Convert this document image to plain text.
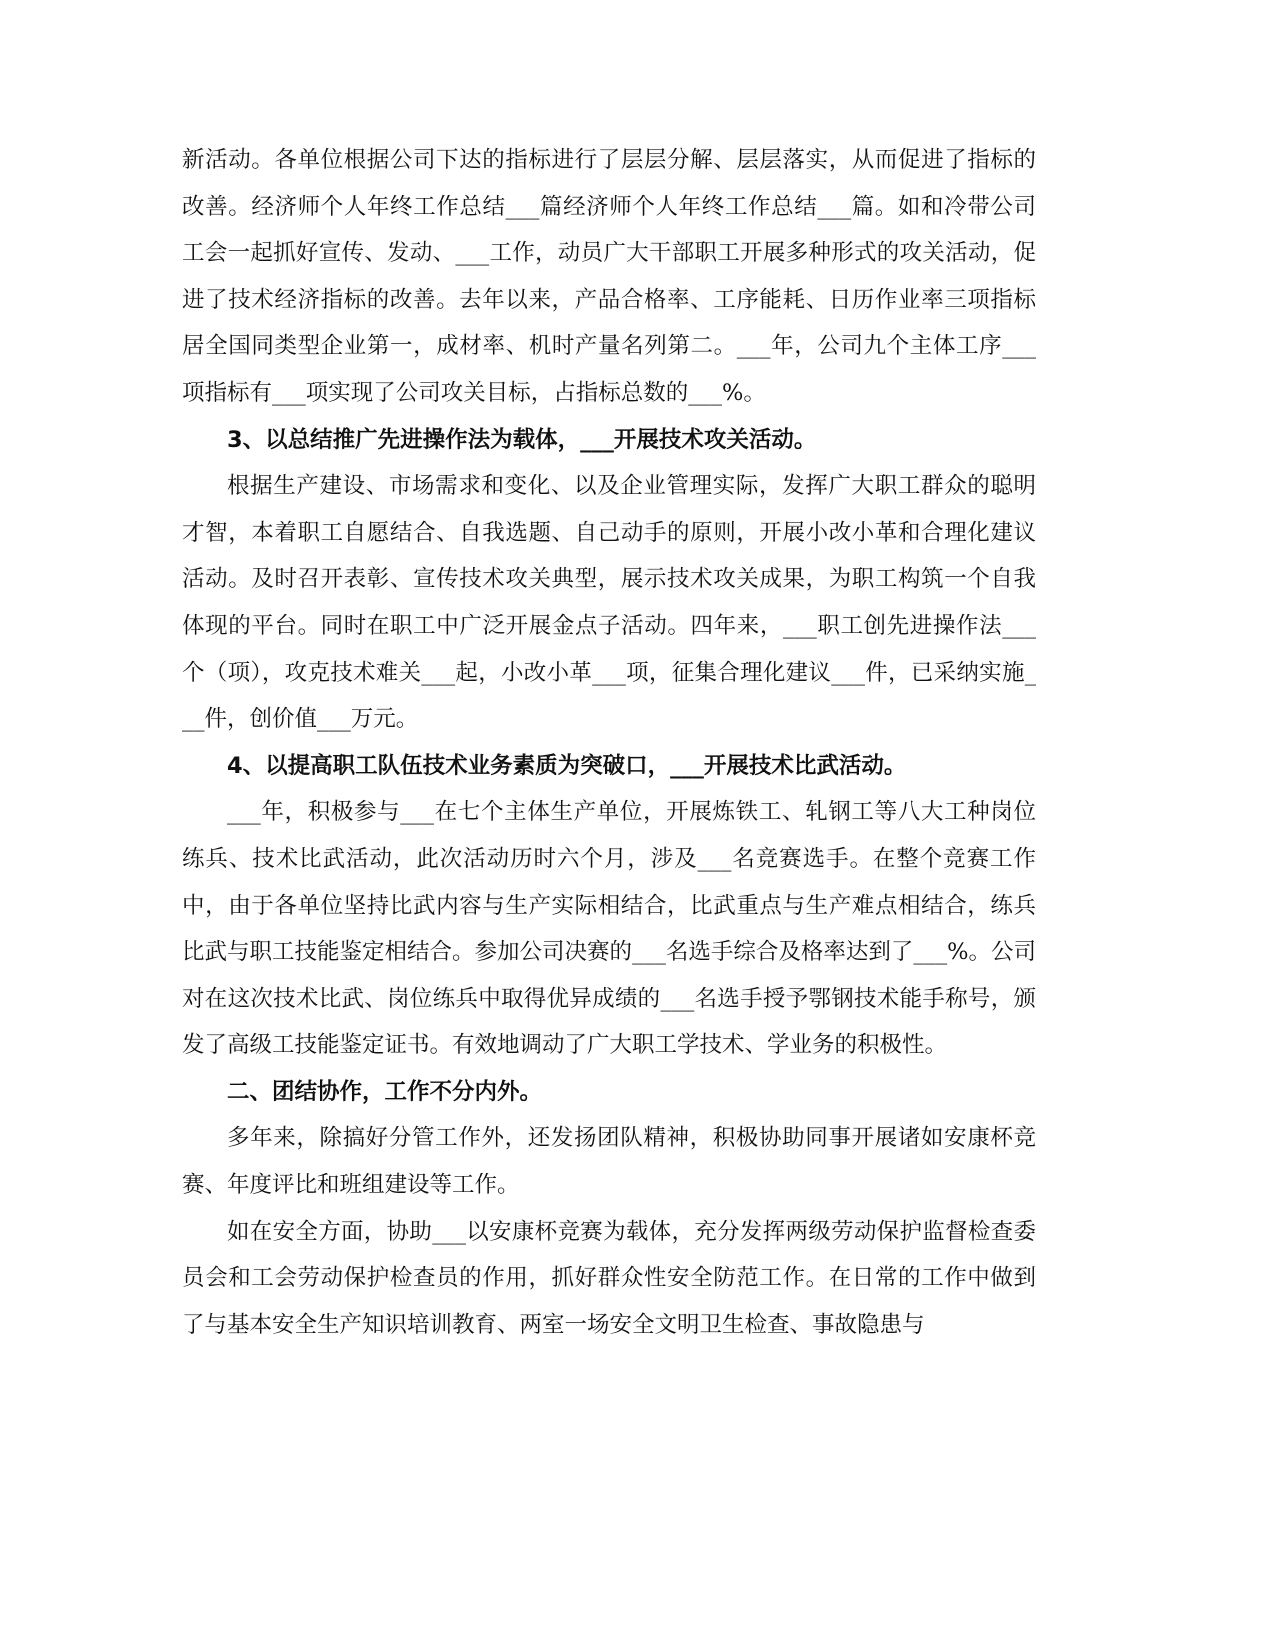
新活动。各单位根据公司下达的指标进行了层层分解、层层落实，从而促进了指标的改善。经济师个人年终工作总结___篇经济师个人年终工作总结___篇。如和冷带公司工会一起抓好宣传、发动、___工作，动员广大干部职工开展多种形式的攻关活动，促进了技术经济指标的改善。去年以来，产品合格率、工序能耗、日历作业率三项指标居全国同类型企业第一，成材率、机时产量名列第二。___年，公司九个主体工序___项指标有___项实现了公司攻关目标，占指标总数的___%。

3、以总结推广先进操作法为载体，___开展技术攻关活动。

根据生产建设、市场需求和变化、以及企业管理实际，发挥广大职工群众的聪明才智，本着职工自愿结合、自我选题、自己动手的原则，开展小改小革和合理化建议活动。及时召开表彰、宣传技术攻关典型，展示技术攻关成果，为职工构筑一个自我体现的平台。同时在职工中广泛开展金点子活动。四年来，___职工创先进操作法___个（项），攻克技术难关___起，小改小革___项，征集合理化建议___件，已采纳实施___件，创价值___万元。

4、以提高职工队伍技术业务素质为突破口，___开展技术比武活动。

___年，积极参与___在七个主体生产单位，开展炼铁工、轧钢工等八大工种岗位练兵、技术比武活动，此次活动历时六个月，涉及___名竞赛选手。在整个竞赛工作中，由于各单位坚持比武内容与生产实际相结合，比武重点与生产难点相结合，练兵比武与职工技能鉴定相结合。参加公司决赛的___名选手综合及格率达到了___%。公司对在这次技术比武、岗位练兵中取得优异成绩的___名选手授予鄂钢技术能手称号，颁发了高级工技能鉴定证书。有效地调动了广大职工学技术、学业务的积极性。

二、团结协作，工作不分内外。

多年来，除搞好分管工作外，还发扬团队精神，积极协助同事开展诸如安康杯竞赛、年度评比和班组建设等工作。

如在安全方面，协助___以安康杯竞赛为载体，充分发挥两级劳动保护监督检查委员会和工会劳动保护检查员的作用，抓好群众性安全防范工作。在日常的工作中做到了与基本安全生产知识培训教育、两室一场安全文明卫生检查、事故隐患与
